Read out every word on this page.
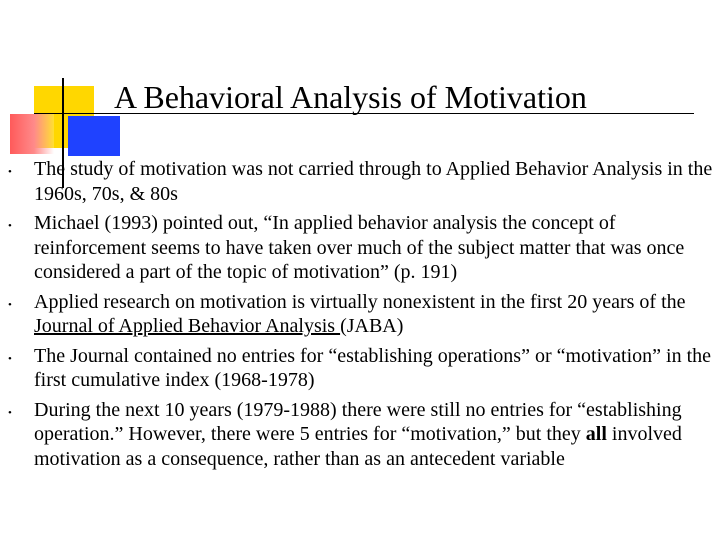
A Behavioral Analysis of Motivation
• The study of motivation was not carried through to Applied Behavior Analysis in the 1960s, 70s, & 80s
• Michael (1993) pointed out, “In applied behavior analysis the concept of reinforcement seems to have taken over much of the subject matter that was once considered a part of the topic of motivation” (p. 191)
• Applied research on motivation is virtually nonexistent in the first 20 years of the Journal of Applied Behavior Analysis (JABA)
• The Journal contained no entries for “establishing operations” or “motivation” in the first cumulative index (1968-1978)
• During the next 10 years (1979-1988) there were still no entries for “establishing operation.” However, there were 5 entries for “motivation,” but they all involved motivation as a consequence, rather than as an antecedent variable
